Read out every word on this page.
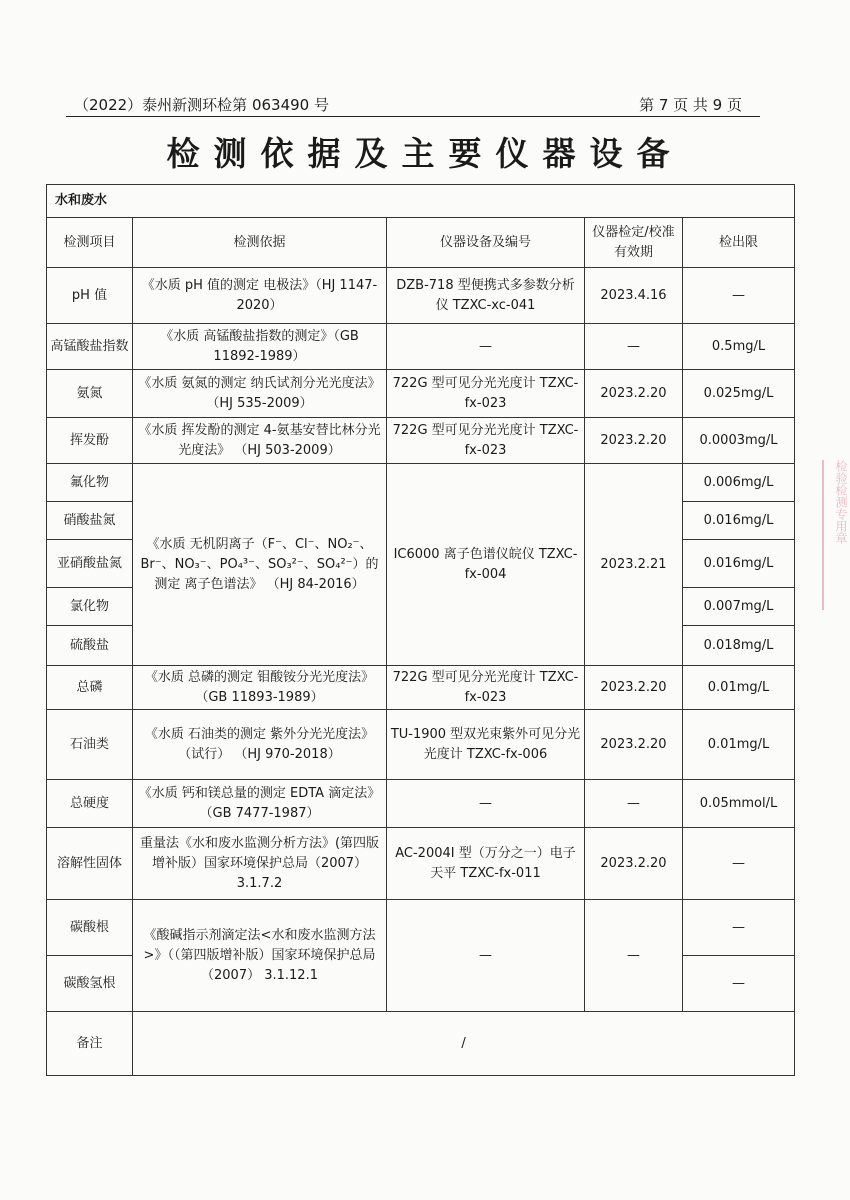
（2022）泰州新测环检第 063490 号	第 7 页 共 9 页
检测依据及主要仪器设备
水和废水				
检测项目	检测依据	仪器设备及编号	仪器检定/校准有效期	检出限
pH 值	《水质 pH 值的测定 电极法》（HJ 1147-2020）	DZB-718 型便携式多参数分析仪 TZXC-xc-041	2023.4.16	—
高锰酸盐指数	《水质 高锰酸盐指数的测定》（GB 11892-1989）	—	—	0.5mg/L
氨氮	《水质 氨氮的测定 纳氏试剂分光光度法》 （HJ 535-2009）	722G 型可见分光光度计 TZXC-fx-023	2023.2.20	0.025mg/L
挥发酚	《水质 挥发酚的测定 4-氨基安替比林分光光度法》 （HJ 503-2009）	722G 型可见分光光度计 TZXC-fx-023	2023.2.20	0.0003mg/L
氟化物	《水质 无机阴离子（F⁻、Cl⁻、NO₂⁻、Br⁻、NO₃⁻、PO₄³⁻、SO₃²⁻、SO₄²⁻）的测定 离子色谱法》 （HJ 84-2016）	IC6000 离子色谱仪皖仪 TZXC-fx-004	2023.2.21	0.006mg/L
硝酸盐氮				0.016mg/L
亚硝酸盐氮				0.016mg/L
氯化物				0.007mg/L
硫酸盐				0.018mg/L
总磷	《水质 总磷的测定 钼酸铵分光光度法》 （GB 11893-1989）	722G 型可见分光光度计 TZXC-fx-023	2023.2.20	0.01mg/L
石油类	《水质 石油类的测定 紫外分光光度法》 （试行） （HJ 970-2018）	TU-1900 型双光束紫外可见分光光度计 TZXC-fx-006	2023.2.20	0.01mg/L
总硬度	《水质 钙和镁总量的测定 EDTA 滴定法》 （GB 7477-1987）	—	—	0.05mmol/L
溶解性固体	重量法《水和废水监测分析方法》(第四版增补版）国家环境保护总局（2007）3.1.7.2	AC-2004I 型（万分之一）电子天平 TZXC-fx-011	2023.2.20	—
碳酸根	《酸碱指示剂滴定法<水和废水监测方法>》（（第四版增补版）国家环境保护总局（2007） 3.1.12.1	—	—	—
碳酸氢根				—
备注	/			
检验检测专用章
